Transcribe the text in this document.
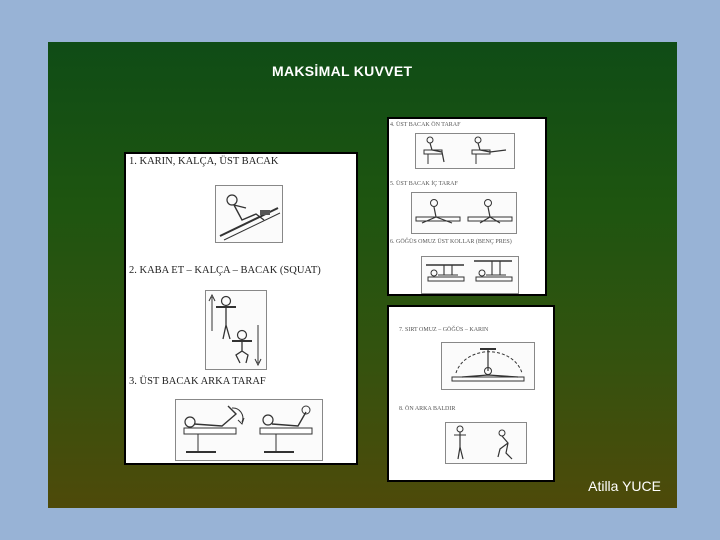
MAKSİMAL KUVVET
1. KARIN, KALÇA, ÜST BACAK
2. KABA ET – KALÇA – BACAK (SQUAT)
3. ÜST BACAK ARKA TARAF
4. ÜST BACAK ÖN TARAF
5. ÜST BACAK İÇ TARAF
6. GÖĞÜS OMUZ ÜST KOLLAR (BENÇ PRES)
7. SIRT OMUZ – GÖĞÜS – KARIN
8. ÖN ARKA BALDIR
Atilla YUCE
